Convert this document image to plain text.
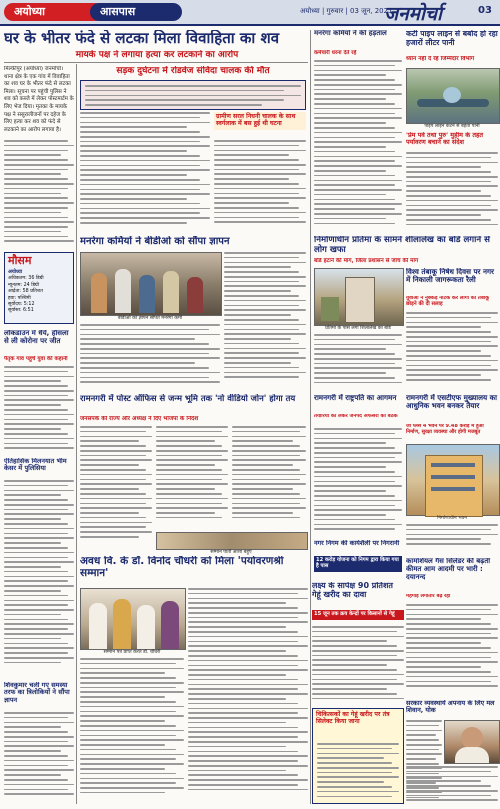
अयोध्या	आसपास	अयोध्या | गुरुवार | 03 जून, 2021
जनमोर्चा	03
घर के भीतर फंदे से लटका मिला विवाहिता का शव
मायके पक्ष ने लगाया हत्या कर लटकाने का आरोप
मिल्कीपुर (अयोध्या) जनमोर्चा। थाना क्षेत्र के एक गांव में विवाहिता का शव घर के भीतर फंदे से लटका मिला। सूचना पर पहुंची पुलिस ने शव को कब्जे में लेकर पोस्टमार्टम के लिए भेज दिया। मृतका के मायके पक्ष ने ससुरालीजनों पर दहेज के लिए हत्या कर शव को फंदे से लटकाने का आरोप लगाया है।
सड़क दुर्घटना में रोडवेज संविदा चालक की मौत
ग्रामीण सरल निधनी चालक के साथ स्वर्गलाक में बस हुई थी घटना
मौसम
अयोध्या
अधिकतम: 36 डिग्री
न्यूनतम: 24 डिग्री
आर्द्रता: 58 प्रतिशत
हवा: पश्चिमी
सूर्योदय: 5:12
सूर्यास्त: 6:51
लॉकडाउन में धैर्य, हौसला से ली कोरोना पर जीत
पैतृक गांव पहुंचे युवा की कहानी
ऐतिहासिक मिलनयात भीम केसर में पुलिसिया
शिवकुमार चली गए समस्या तरफ का त्रिलोकियों ने सौंपा ज्ञापन
मनरेगा कर्मियों ने बीडीओ को सौंपा ज्ञापन
बीडीओ को ज्ञापन सौंपते मनरेगा कर्मी
रामनगरी में पोस्ट ऑफिस से जन्म भूमि तक 'नो वीडियो जोन' होगा तय
जनसंपर्क की राज्य और अध्यक्ष ने दिए भाजपा के निर्देश
सम्मान पाती आशा बहुएं
अवध वि. के डॉ. विनोद चौधरी को मिला 'पर्यावरणश्री सम्मान'
सम्मान पत्र प्राप्त करते डॉ. चौधरी
निर्माणाधीन प्रतिमा के सामने शीलालेख का बोर्ड लगाने से लोग खफा
मनरेगा कर्मियों ने की हड़ताल
कर्मचारी धरना देते रहे
कटी पाइप लाइन से बर्बाद हो रहा हजारों लीटर पानी
ध्यान नहीं दे रहे जिम्मेदार विभाग
पाइप लाइन कटने से बहता पानी
'प्रेम पर्व तथा पुरु' मुहीम के तहत पर्यावरण बचाने का संदेश
बोर्ड हटाने की मांग, जिला प्रशासन से जांच की मांग
प्रतिमा के पास लगा शिलालेख का बोर्ड
विश्व तंबाकू निषेध दिवस पर नगर में निकाली जागरूकता रैली
युवाओं ने नुक्कड़ नाटक कर लोगों को तंबाकू छोड़ने की दी सलाह
रामनगरी में राष्ट्रपति का आगमन
तैयारियों को लेकर जनपद अफसरों की बैठक
रामनगरी में एसटीएफ मुख्यालय का आधुनिक भवन बनकर तैयार
जी प्लस 4 भवन पर 9.48 करोड़ में हुआ निर्माण, सुरक्षा व्यवस्था और होगी मजबूत
निर्माणाधीन भवन
नगर निगम की कार्यशैली पर निगरानी
12 करोड़ योजना को निगम द्वारा किया गया है पास
कामर्शियल गैस सिलेंडर की बढ़ती कीमत आम आदमी पर भारी : दयानन्द
महंगाई लगातार बढ़ रही
लक्ष्य के सापेक्ष 90 प्रतिशत गेहूं खरीद का दावा
15 जून तक क्रय केन्द्रों पर किसानों से गेहूं
चिकित्सकों का गेहूं खरीद पर तंत्र सिलेक्ट किया जाना
सरकार व्यवस्थायें अपनाय के लिए मल शिवान, योक
